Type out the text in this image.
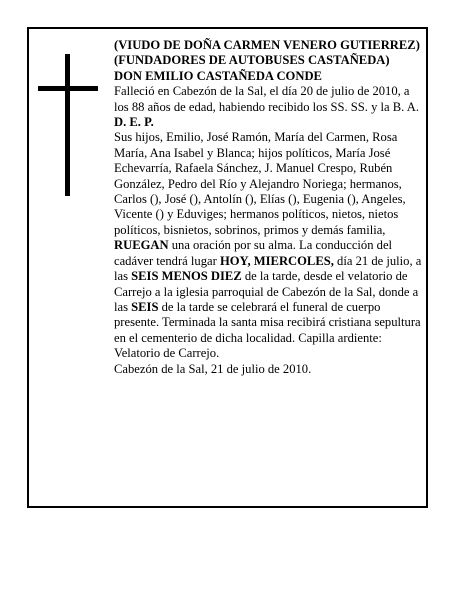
(VIUDO DE DOÑA CARMEN VENERO GUTIERREZ) (FUNDADORES DE AUTOBUSES CASTAÑEDA)

DON EMILIO CASTAÑEDA CONDE

Falleció en Cabezón de la Sal, el día 20 de julio de 2010, a los 88 años de edad, habiendo recibido los SS. SS. y la B. A.

D. E. P.

Sus hijos, Emilio, José Ramón, María del Carmen, Rosa María, Ana Isabel y Blanca; hijos políticos, María José Echevarría, Rafaela Sánchez, J. Manuel Crespo, Rubén González, Pedro del Río y Alejandro Noriega; hermanos, Carlos (), José (), Antolín (), Elías (), Eugenia (), Angeles, Vicente () y Eduviges; hermanos políticos, nietos, nietos políticos, bisnietos, sobrinos, primos y demás familia,

RUEGAN una oración por su alma. La conducción del cadáver tendrá lugar HOY, MIERCOLES, día 21 de julio, a las SEIS MENOS DIEZ de la tarde, desde el velatorio de Carrejo a la iglesia parroquial de Cabezón de la Sal, donde a las SEIS de la tarde se celebrará el funeral de cuerpo presente. Terminada la santa misa recibirá cristiana sepultura en el cementerio de dicha localidad. Capilla ardiente: Velatorio de Carrejo.

Cabezón de la Sal, 21 de julio de 2010.
